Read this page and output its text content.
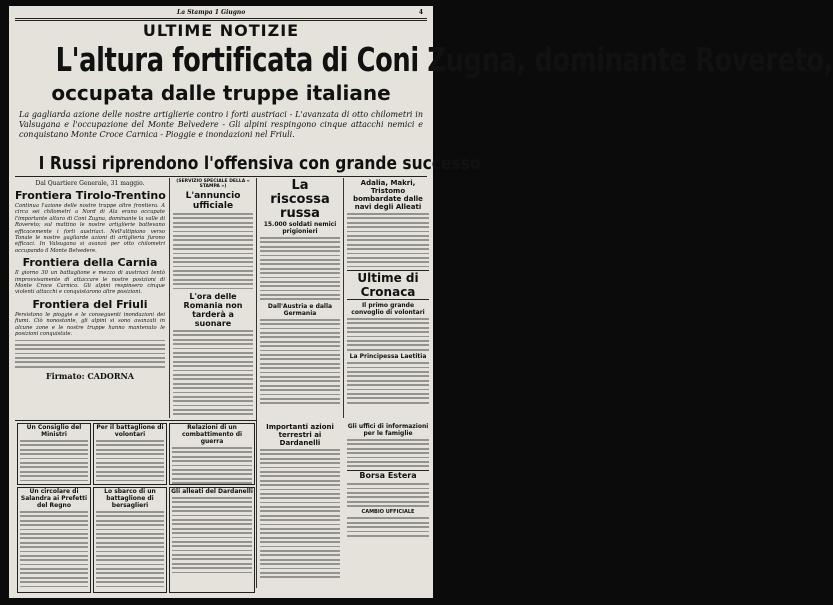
La Stampa 1 Giugno	4
ULTIME NOTIZIE
L'altura fortificata di Coni Zugna, dominante Rovereto,
occupata dalle truppe italiane
La gagliarda azione delle nostre artiglierie contro i forti austriaci - L'avanzata di otto chilometri in Valsugana e l'occupazione del Monte Belvedere - Gli alpini respingono cinque attacchi nemici e conquistano Monte Croce Carnica - Pioggie e inondazioni nel Friuli.
I Russi riprendono l'offensiva con grande successo
Dal Quartiere Generale, 31 maggio.
Frontiera Tirolo-Trentino
Continua l'azione delle nostre truppe oltre frontiera. A circa sei chilometri a Nord di Ala erano occupate l'importante altura di Coni Zugna, dominante la valle di Rovereto; sul mattino le nostre artiglierie battevano efficacemente i forti austriaci. Nell'altipiano verso Tonale le nostre gagliarde azioni di artiglieria furono efficaci. In Valsugana si avanzò per otto chilometri occupando il Monte Belvedere.
Frontiera della Carnia
Il giorno 30 un battaglione e mezzo di austriaci tentò improvvisamente di attaccare le nostre posizioni di Monte Croce Carnico. Gli alpini respinsero cinque violenti attacchi e conquistarono altre posizioni.
Frontiera del Friuli
Persistono le pioggie e le conseguenti inondazioni dei fiumi. Ciò nonostante, gli alpini si sono avanzati in alcune zone e le nostre truppe hanno mantenuto le posizioni conquistate.
Firmato: CADORNA
(SERVIZIO SPECIALE DELLA « STAMPA »)
L'annuncio ufficiale
L'ora delle Romania non tarderà a suonare
La riscossa russa
15.000 soldati nemici prigionieri
Dall'Austria e dalla Germania
Adalia, Makri, Tristomo bombardate dalle navi degli Alleati
Ultime di Cronaca
Il primo grande convoglio di volontari
La Principessa Laetitia
Un Consiglio del Ministri
Per il battaglione di volontari
Relazioni di un combattimento di guerra
Un circolare di Salandra ai Prefetti del Regno
Lo sbarco di un battaglione di bersaglieri
Gli alleati del Dardanelli
Importanti azioni terrestri ai Dardanelli
Gli uffici di informazioni per le famiglie
Borsa Estera
CAMBIO UFFICIALE
